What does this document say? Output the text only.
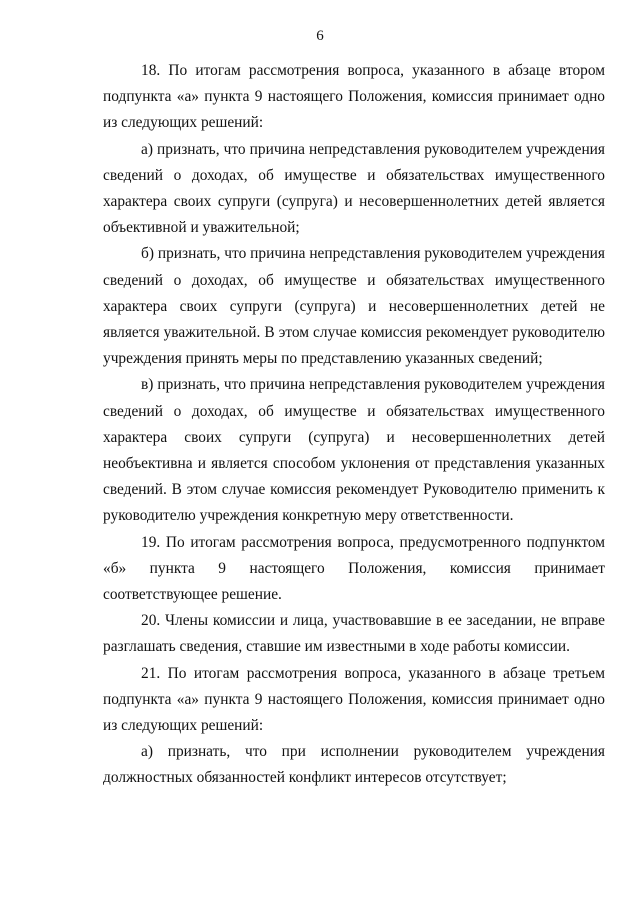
6

18. По итогам рассмотрения вопроса, указанного в абзаце втором подпункта «а» пункта 9 настоящего Положения, комиссия принимает одно из следующих решений:

а) признать, что причина непредставления руководителем учреждения сведений о доходах, об имуществе и обязательствах имущественного характера своих супруги (супруга) и несовершеннолетних детей является объективной и уважительной;

б) признать, что причина непредставления руководителем учреждения сведений о доходах, об имуществе и обязательствах имущественного характера своих супруги (супруга) и несовершеннолетних детей не является уважительной. В этом случае комиссия рекомендует руководителю учреждения принять меры по представлению указанных сведений;

в) признать, что причина непредставления руководителем учреждения сведений о доходах, об имуществе и обязательствах имущественного характера своих супруги (супруга) и несовершеннолетних детей необъективна и является способом уклонения от представления указанных сведений. В этом случае комиссия рекомендует Руководителю применить к руководителю учреждения конкретную меру ответственности.

19. По итогам рассмотрения вопроса, предусмотренного подпунктом «б» пункта 9 настоящего Положения, комиссия принимает соответствующее решение.

20. Члены комиссии и лица, участвовавшие в ее заседании, не вправе разглашать сведения, ставшие им известными в ходе работы комиссии.

21. По итогам рассмотрения вопроса, указанного в абзаце третьем подпункта «а» пункта 9 настоящего Положения, комиссия принимает одно из следующих решений:

а) признать, что при исполнении руководителем учреждения должностных обязанностей конфликт интересов отсутствует;
